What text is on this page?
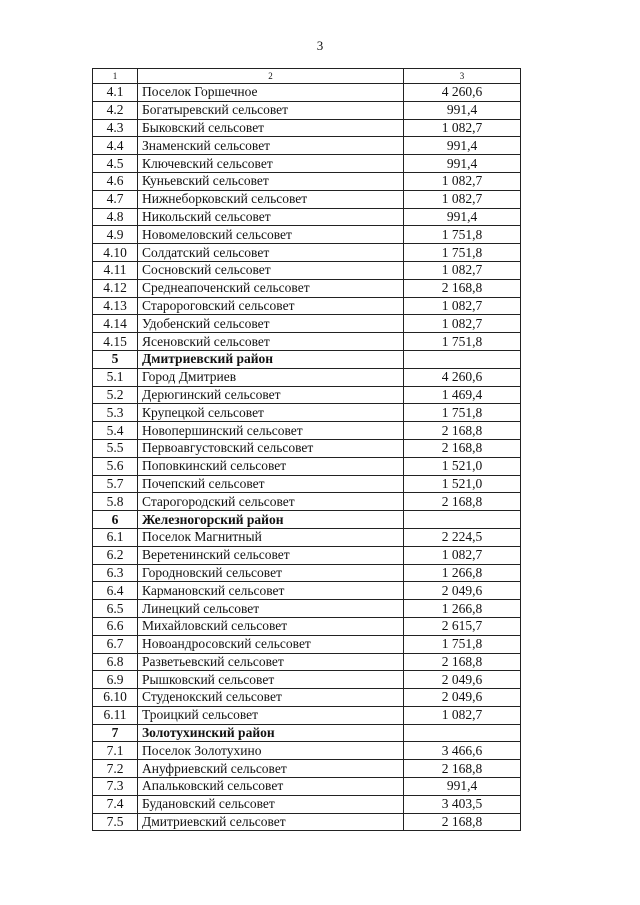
3
1	2	3
4.1	Поселок Горшечное	4 260,6
4.2	Богатыревский сельсовет	991,4
4.3	Быковский сельсовет	1 082,7
4.4	Знаменский сельсовет	991,4
4.5	Ключевский сельсовет	991,4
4.6	Куньевский сельсовет	1 082,7
4.7	Нижнеборковский сельсовет	1 082,7
4.8	Никольский сельсовет	991,4
4.9	Новомеловский сельсовет	1 751,8
4.10	Солдатский сельсовет	1 751,8
4.11	Сосновский сельсовет	1 082,7
4.12	Среднеапоченский сельсовет	2 168,8
4.13	Старороговский сельсовет	1 082,7
4.14	Удобенский сельсовет	1 082,7
4.15	Ясеновский сельсовет	1 751,8
5	Дмитриевский район	
5.1	Город Дмитриев	4 260,6
5.2	Дерюгинский сельсовет	1 469,4
5.3	Крупецкой сельсовет	1 751,8
5.4	Новопершинский сельсовет	2 168,8
5.5	Первоавгустовский сельсовет	2 168,8
5.6	Поповкинский сельсовет	1 521,0
5.7	Почепский сельсовет	1 521,0
5.8	Старогородский сельсовет	2 168,8
6	Железногорский район	
6.1	Поселок Магнитный	2 224,5
6.2	Веретенинский сельсовет	1 082,7
6.3	Городновский сельсовет	1 266,8
6.4	Кармановский сельсовет	2 049,6
6.5	Линецкий сельсовет	1 266,8
6.6	Михайловский сельсовет	2 615,7
6.7	Новоандросовский сельсовет	1 751,8
6.8	Разветьевский сельсовет	2 168,8
6.9	Рышковский сельсовет	2 049,6
6.10	Студенокский сельсовет	2 049,6
6.11	Троицкий сельсовет	1 082,7
7	Золотухинский район	
7.1	Поселок Золотухино	3 466,6
7.2	Ануфриевский сельсовет	2 168,8
7.3	Апальковский сельсовет	991,4
7.4	Будановский сельсовет	3 403,5
7.5	Дмитриевский сельсовет	2 168,8
